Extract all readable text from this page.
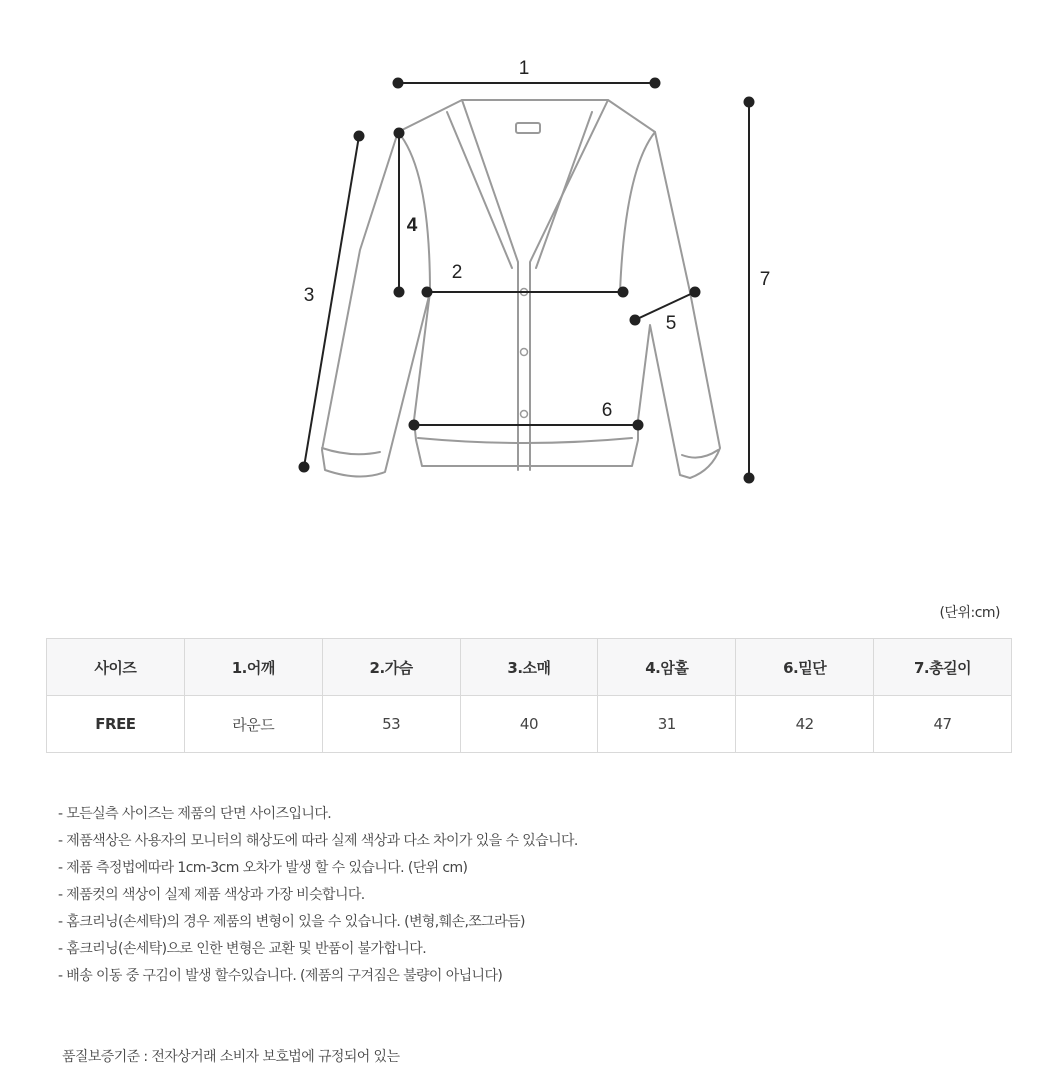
1
2
3
4
5
6
7
(단위:cm)
사이즈	1.어깨	2.가슴	3.소매	4.암홀	6.밑단	7.총길이
FREE	라운드	53	40	31	42	47
- 모든실측 사이즈는 제품의 단면 사이즈입니다.
- 제품색상은 사용자의 모니터의 해상도에 따라 실제 색상과 다소 차이가 있을 수 있습니다.
- 제품 측정법에따라 1cm-3cm 오차가 발생 할 수 있습니다. (단위 cm)
- 제품컷의 색상이 실제 제품 색상과 가장 비슷합니다.
- 홈크리닝(손세탁)의 경우 제품의 변형이 있을 수 있습니다. (변형,훼손,쪼그라듬)
- 홈크리닝(손세탁)으로 인한 변형은 교환 및 반품이 불가합니다.
- 배송 이동 중 구김이 발생 할수있습니다. (제품의 구겨짐은 불량이 아닙니다)

품질보증기준 : 전자상거래 소비자 보호법에 규정되어 있는
